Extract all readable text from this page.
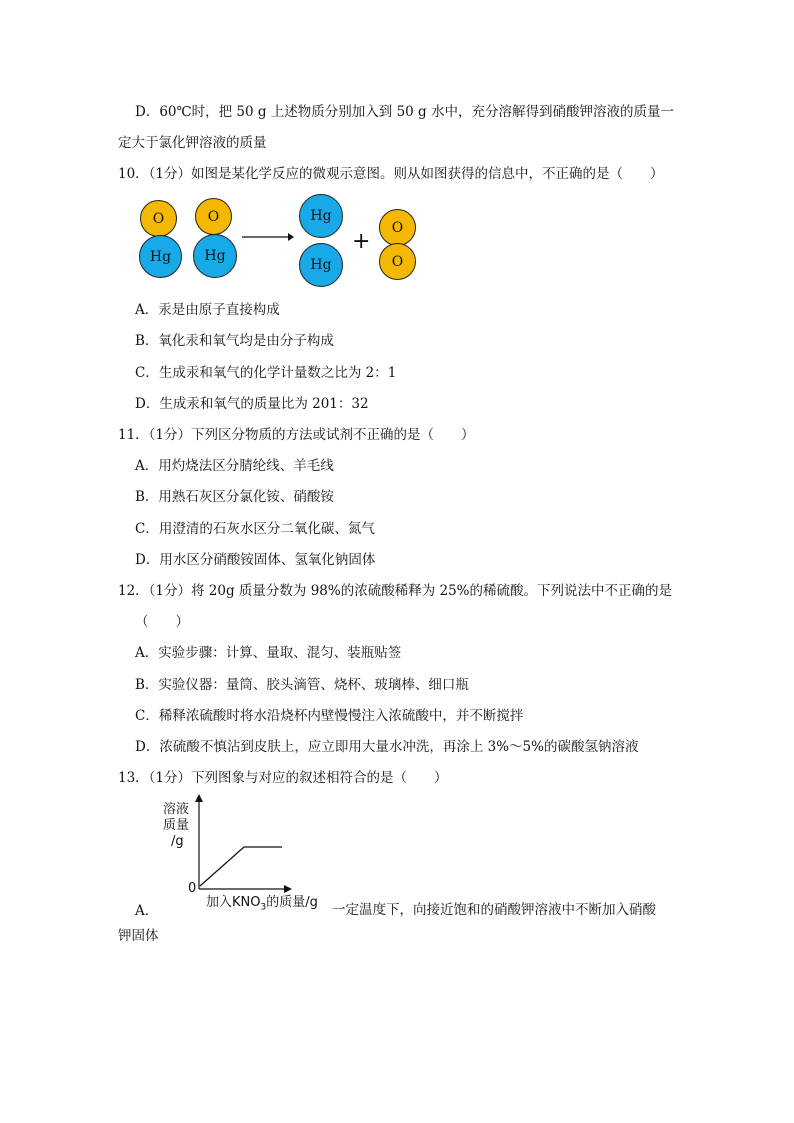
D．60℃时，把 50 g 上述物质分别加入到 50 g 水中，充分溶解得到硝酸钾溶液的质量一
定大于氯化钾溶液的质量
10．（1分）如图是某化学反应的微观示意图。则从如图获得的信息中，不正确的是（　　）
O
Hg
O
Hg
Hg
Hg
+
O
O
A．汞是由原子直接构成
B．氧化汞和氧气均是由分子构成
C．生成汞和氧气的化学计量数之比为 2：1
D．生成汞和氧气的质量比为 201：32
11．（1分）下列区分物质的方法或试剂不正确的是（　　）
A．用灼烧法区分腈纶线、羊毛线
B．用熟石灰区分氯化铵、硝酸铵
C．用澄清的石灰水区分二氧化碳、氮气
D．用水区分硝酸铵固体、氢氧化钠固体
12．（1分）将 20g 质量分数为 98%的浓硫酸稀释为 25%的稀硫酸。下列说法中不正确的是
（　　）
A．实验步骤：计算、量取、混匀、装瓶贴签
B．实验仪器：量筒、胶头滴管、烧杯、玻璃棒、细口瓶
C．稀释浓硫酸时将水沿烧杯内壁慢慢注入浓硫酸中，并不断搅拌
D．浓硫酸不慎沾到皮肤上，应立即用大量水冲洗，再涂上 3%～5%的碳酸氢钠溶液
13．（1分）下列图象与对应的叙述相符合的是（　　）
溶液
质量
/g
0
加入$KNO_3$的质量/g
A．	一定温度下，向接近饱和的硝酸钾溶液中不断加入硝酸
钾固体
